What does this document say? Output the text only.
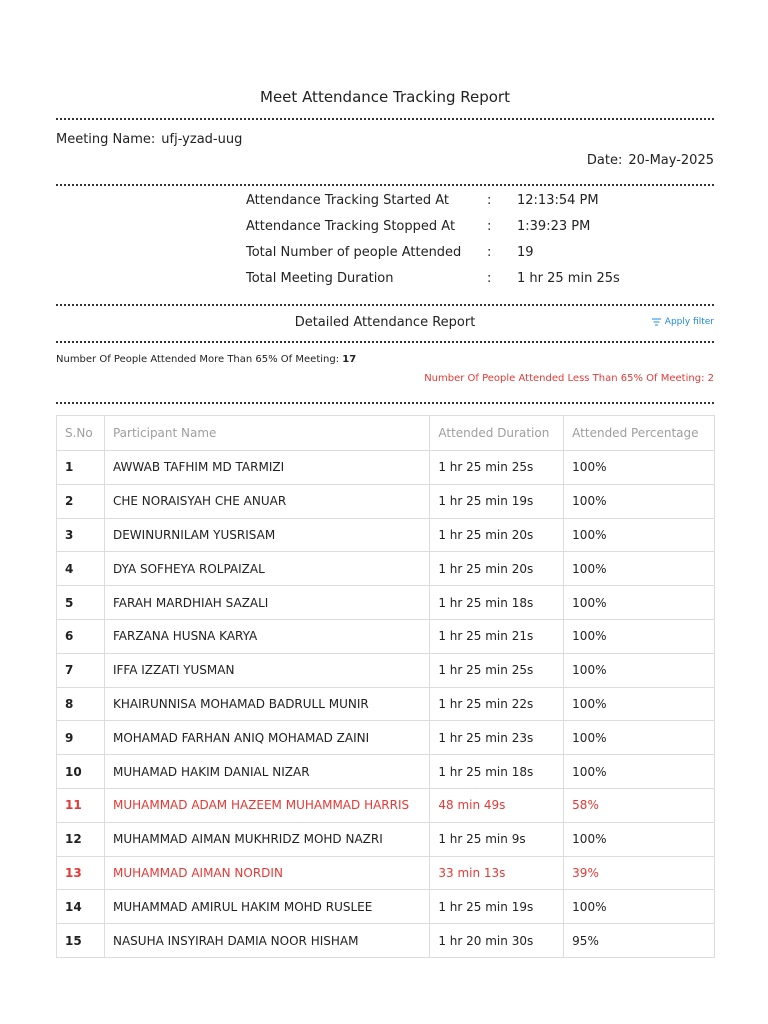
Meet Attendance Tracking Report
Meeting Name: ufj-yzad-uug
Date: 20-May-2025
Attendance Tracking Started At	: 12:13:54 PM
Attendance Tracking Stopped At : 1:39:23 PM
Total Number of people Attended : 19
Total Meeting Duration	: 1 hr 25 min 25s
Detailed Attendance Report	Apply filter
Number Of People Attended More Than 65% Of Meeting: 17
Number Of People Attended Less Than 65% Of Meeting: 2
S.No	Participant Name	Attended Duration	Attended Percentage
1	AWWAB TAFHIM MD TARMIZI	1 hr 25 min 25s	100%
2	CHE NORAISYAH CHE ANUAR	1 hr 25 min 19s	100%
3	DEWINURNILAM YUSRISAM	1 hr 25 min 20s	100%
4	DYA SOFHEYA ROLPAIZAL	1 hr 25 min 20s	100%
5	FARAH MARDHIAH SAZALI	1 hr 25 min 18s	100%
6	FARZANA HUSNA KARYA	1 hr 25 min 21s	100%
7	IFFA IZZATI YUSMAN	1 hr 25 min 25s	100%
8	KHAIRUNNISA MOHAMAD BADRULL MUNIR	1 hr 25 min 22s	100%
9	MOHAMAD FARHAN ANIQ MOHAMAD ZAINI	1 hr 25 min 23s	100%
10	MUHAMAD HAKIM DANIAL NIZAR	1 hr 25 min 18s	100%
11	MUHAMMAD ADAM HAZEEM MUHAMMAD HARRIS	48 min 49s	58%
12	MUHAMMAD AIMAN MUKHRIDZ MOHD NAZRI	1 hr 25 min 9s	100%
13	MUHAMMAD AIMAN NORDIN	33 min 13s	39%
14	MUHAMMAD AMIRUL HAKIM MOHD RUSLEE	1 hr 25 min 19s	100%
15	NASUHA INSYIRAH DAMIA NOOR HISHAM	1 hr 20 min 30s	95%
